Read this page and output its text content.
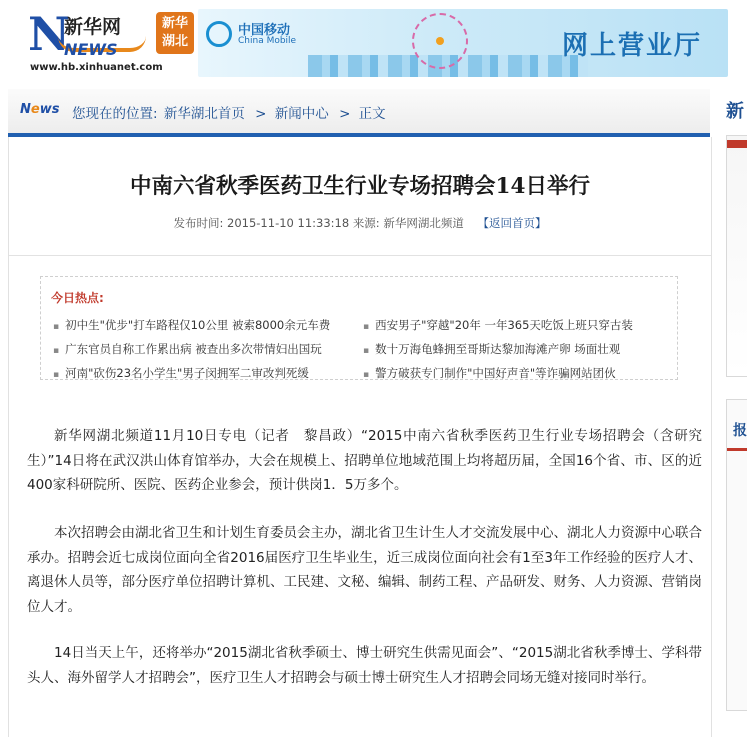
N
新华网
NEWS
新华湖北
www.hb.xinhuanet.com
中国移动
China Mobile	网上营业厅
News 您现在的位置: 新华湖北首页 > 新闻中心 > 正文
中南六省秋季医药卫生行业专场招聘会14日举行
发布时间: 2015-11-10 11:33:18 来源: 新华网湖北频道 【返回首页】
今日热点:
▪ 初中生"优步"打车路程仅10公里 被索8000余元车费	▪ 西安男子"穿越"20年 一年365天吃饭上班只穿古装
▪ 广东官员自称工作累出病 被查出多次带情妇出国玩	▪ 数十万海龟蜂拥至哥斯达黎加海滩产卵 场面壮观
▪ 河南"砍伤23名小学生"男子闵拥军二审改判死缓	▪ 警方破获专门制作"中国好声音"等诈骗网站团伙

新华网湖北频道11月10日专电（记者　黎昌政）“2015中南六省秋季医药卫生行业专场招聘会（含研究生）”14日将在武汉洪山体育馆举办，大会在规模上、招聘单位地域范围上均将超历届，全国16个省、市、区的近400家科研院所、医院、医药企业参会，预计供岗1．5万多个。

本次招聘会由湖北省卫生和计划生育委员会主办，湖北省卫生计生人才交流发展中心、湖北人力资源中心联合承办。招聘会近七成岗位面向全省2016届医疗卫生毕业生，近三成岗位面向社会有1至3年工作经验的医疗人才、离退休人员等，部分医疗单位招聘计算机、工民建、文秘、编辑、制药工程、产品研发、财务、人力资源、营销岗位人才。

14日当天上午，还将举办“2015湖北省秋季硕士、博士研究生供需见面会”、“2015湖北省秋季博士、学科带头人、海外留学人才招聘会”，医疗卫生人才招聘会与硕士博士研究生人才招聘会同场无缝对接同时举行。

新
报
